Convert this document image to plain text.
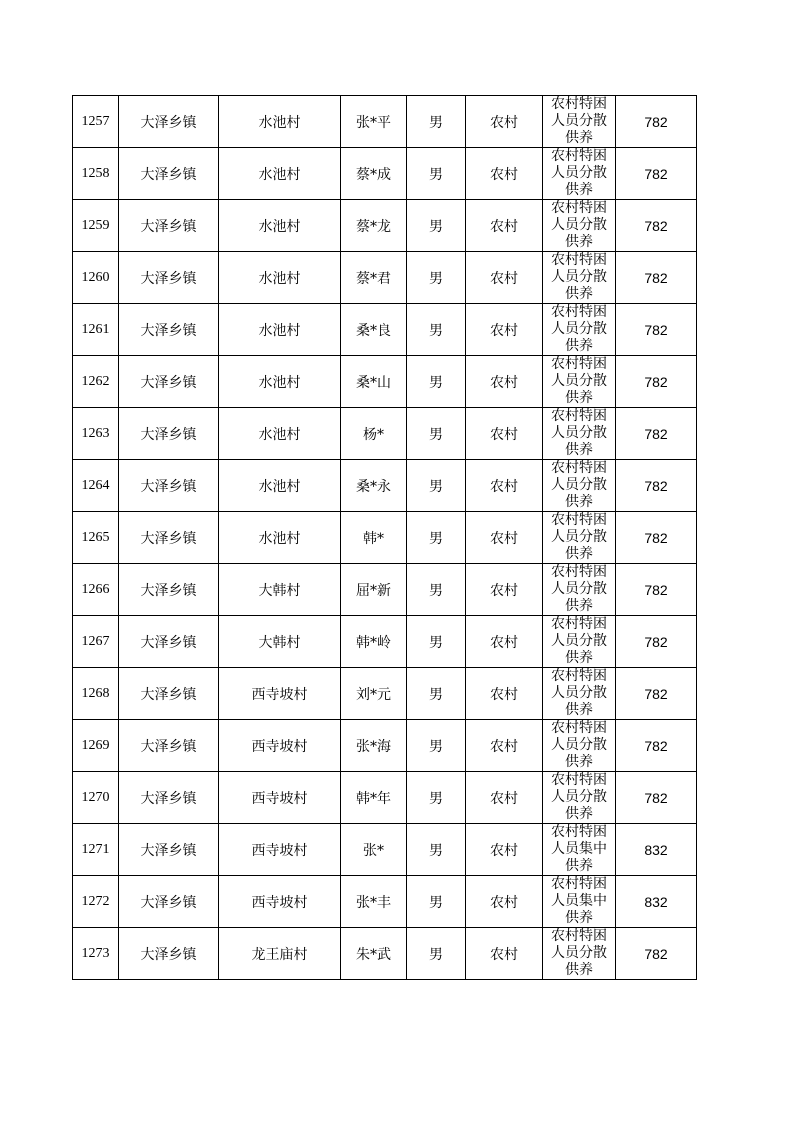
1257	大泽乡镇	水池村	张*平	男	农村	农村特困人员分散供养	782
1258	大泽乡镇	水池村	蔡*成	男	农村	农村特困人员分散供养	782
1259	大泽乡镇	水池村	蔡*龙	男	农村	农村特困人员分散供养	782
1260	大泽乡镇	水池村	蔡*君	男	农村	农村特困人员分散供养	782
1261	大泽乡镇	水池村	桑*良	男	农村	农村特困人员分散供养	782
1262	大泽乡镇	水池村	桑*山	男	农村	农村特困人员分散供养	782
1263	大泽乡镇	水池村	杨*	男	农村	农村特困人员分散供养	782
1264	大泽乡镇	水池村	桑*永	男	农村	农村特困人员分散供养	782
1265	大泽乡镇	水池村	韩*	男	农村	农村特困人员分散供养	782
1266	大泽乡镇	大韩村	屈*新	男	农村	农村特困人员分散供养	782
1267	大泽乡镇	大韩村	韩*岭	男	农村	农村特困人员分散供养	782
1268	大泽乡镇	西寺坡村	刘*元	男	农村	农村特困人员分散供养	782
1269	大泽乡镇	西寺坡村	张*海	男	农村	农村特困人员分散供养	782
1270	大泽乡镇	西寺坡村	韩*年	男	农村	农村特困人员分散供养	782
1271	大泽乡镇	西寺坡村	张*	男	农村	农村特困人员集中供养	832
1272	大泽乡镇	西寺坡村	张*丰	男	农村	农村特困人员集中供养	832
1273	大泽乡镇	龙王庙村	朱*武	男	农村	农村特困人员分散供养	782
